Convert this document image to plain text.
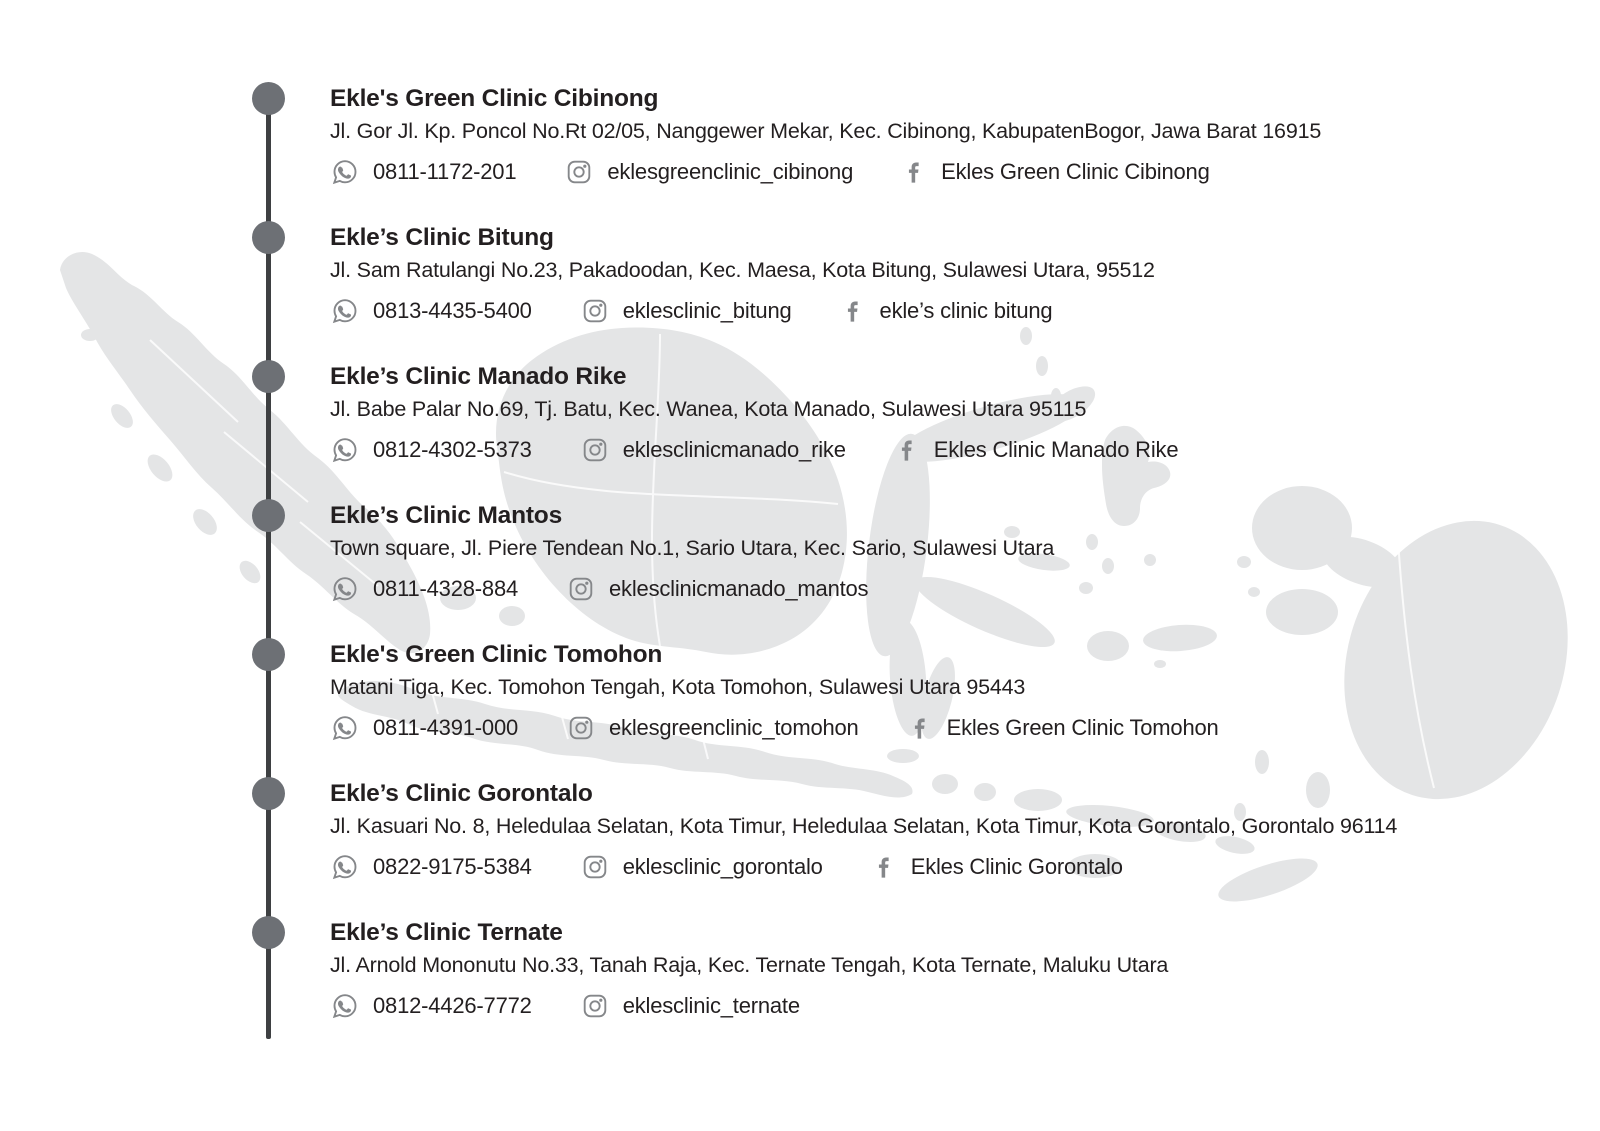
Ekle's Green Clinic Cibinong
Jl. Gor Jl. Kp. Poncol No.Rt 02/05, Nanggewer Mekar, Kec. Cibinong, KabupatenBogor, Jawa Barat 16915
0811-1172-201	eklesgreenclinic_cibinong	Ekles Green Clinic Cibinong
Ekle’s Clinic Bitung
Jl. Sam Ratulangi No.23, Pakadoodan, Kec. Maesa, Kota Bitung, Sulawesi Utara, 95512
0813-4435-5400	eklesclinic_bitung	ekle’s clinic bitung
Ekle’s Clinic Manado Rike
Jl. Babe Palar No.69, Tj. Batu, Kec. Wanea, Kota Manado, Sulawesi Utara 95115
0812-4302-5373	eklesclinicmanado_rike	Ekles Clinic Manado Rike
Ekle’s Clinic Mantos
Town square, Jl. Piere Tendean No.1, Sario Utara, Kec. Sario, Sulawesi Utara
0811-4328-884	eklesclinicmanado_mantos
Ekle's Green Clinic Tomohon
Matani Tiga, Kec. Tomohon Tengah, Kota Tomohon, Sulawesi Utara 95443
0811-4391-000	eklesgreenclinic_tomohon	Ekles Green Clinic Tomohon
Ekle’s Clinic Gorontalo
Jl. Kasuari No. 8, Heledulaa Selatan, Kota Timur, Heledulaa Selatan, Kota Timur, Kota Gorontalo, Gorontalo 96114
0822-9175-5384	eklesclinic_gorontalo	Ekles Clinic Gorontalo
Ekle’s Clinic Ternate
Jl. Arnold Mononutu No.33, Tanah Raja, Kec. Ternate Tengah, Kota Ternate, Maluku Utara
0812-4426-7772	eklesclinic_ternate
